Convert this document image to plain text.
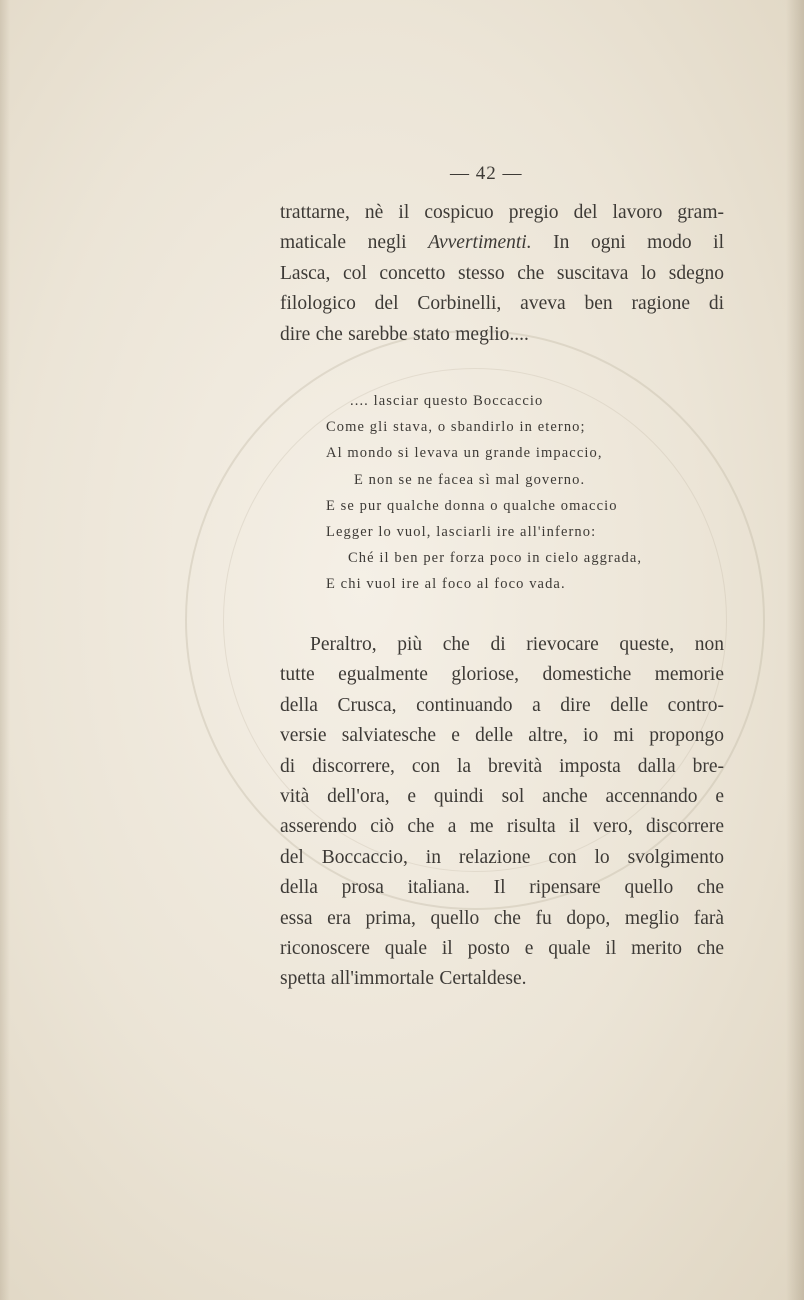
— 42 —
trattarne, nè il cospicuo pregio del lavoro gram-
maticale negli Avvertimenti. In ogni modo il
Lasca, col concetto stesso che suscitava lo sdegno
filologico del Corbinelli, aveva ben ragione di
dire che sarebbe stato meglio....
.... lasciar questo Boccaccio
Come gli stava, o sbandirlo in eterno;
Al mondo si levava un grande impaccio,
E non se ne facea sì mal governo.
E se pur qualche donna o qualche omaccio
Legger lo vuol, lasciarli ire all'inferno:
Ché il ben per forza poco in cielo aggrada,
E chi vuol ire al foco al foco vada.
Peraltro, più che di rievocare queste, non
tutte egualmente gloriose, domestiche memorie
della Crusca, continuando a dire delle contro-
versie salviatesche e delle altre, io mi propongo
di discorrere, con la brevità imposta dalla bre-
vità dell'ora, e quindi sol anche accennando e
asserendo ciò che a me risulta il vero, discorrere
del Boccaccio, in relazione con lo svolgimento
della prosa italiana. Il ripensare quello che
essa era prima, quello che fu dopo, meglio farà
riconoscere quale il posto e quale il merito che
spetta all'immortale Certaldese.
